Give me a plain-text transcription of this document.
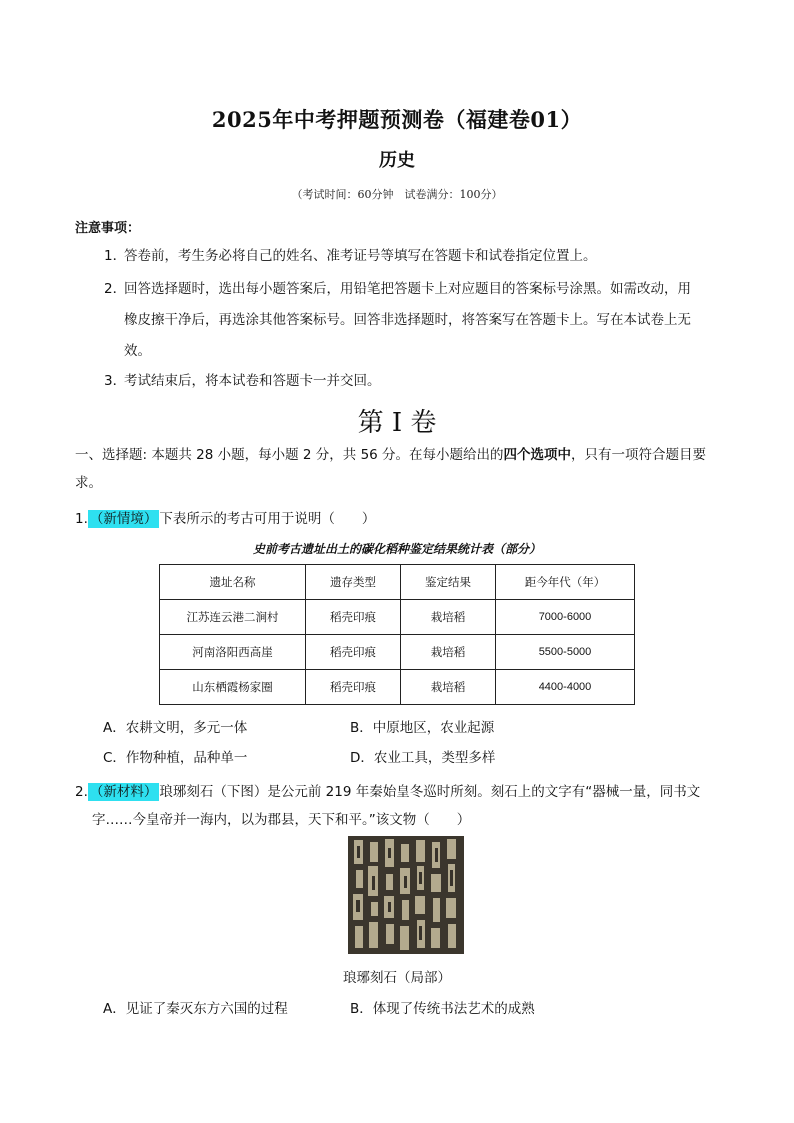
2025年中考押题预测卷（福建卷01）
历史
（考试时间：60分钟　试卷满分：100分）
注意事项：
1．
答卷前，考生务必将自己的姓名、准考证号等填写在答题卡和试卷指定位置上。
2．
回答选择题时，选出每小题答案后，用铅笔把答题卡上对应题目的答案标号涂黑。如需改动，用
橡皮擦干净后，再选涂其他答案标号。回答非选择题时，将答案写在答题卡上。写在本试卷上无
效。
3．
考试结束后，将本试卷和答题卡一并交回。
第 I 卷
一、选择题: 本题共 28 小题，每小题 2 分，共 56 分。在每小题给出的四个选项中，只有一项符合题目要求。
1. （新情境） 下表所示的考古可用于说明（　　）
史前考古遗址出土的碳化稻种鉴定结果统计表（部分）
遗址名称	遗存类型	鉴定结果	距今年代（年）
江苏连云港二涧村	稻壳印痕	栽培稻	7000-6000
河南洛阳西高崖	稻壳印痕	栽培稻	5500-5000
山东栖霞杨家圈	稻壳印痕	栽培稻	4400-4000
A．农耕文明，多元一体	B．中原地区，农业起源
C．作物种植，品种单一	D．农业工具，类型多样
2. （新材料） 琅琊刻石（下图）是公元前 219 年秦始皇冬巡时所刻。刻石上的文字有“器械一量，同书文
字……今皇帝并一海内，以为郡县，天下和平。”该文物（　　）
琅琊刻石（局部）
A．见证了秦灭东方六国的过程	B．体现了传统书法艺术的成熟
